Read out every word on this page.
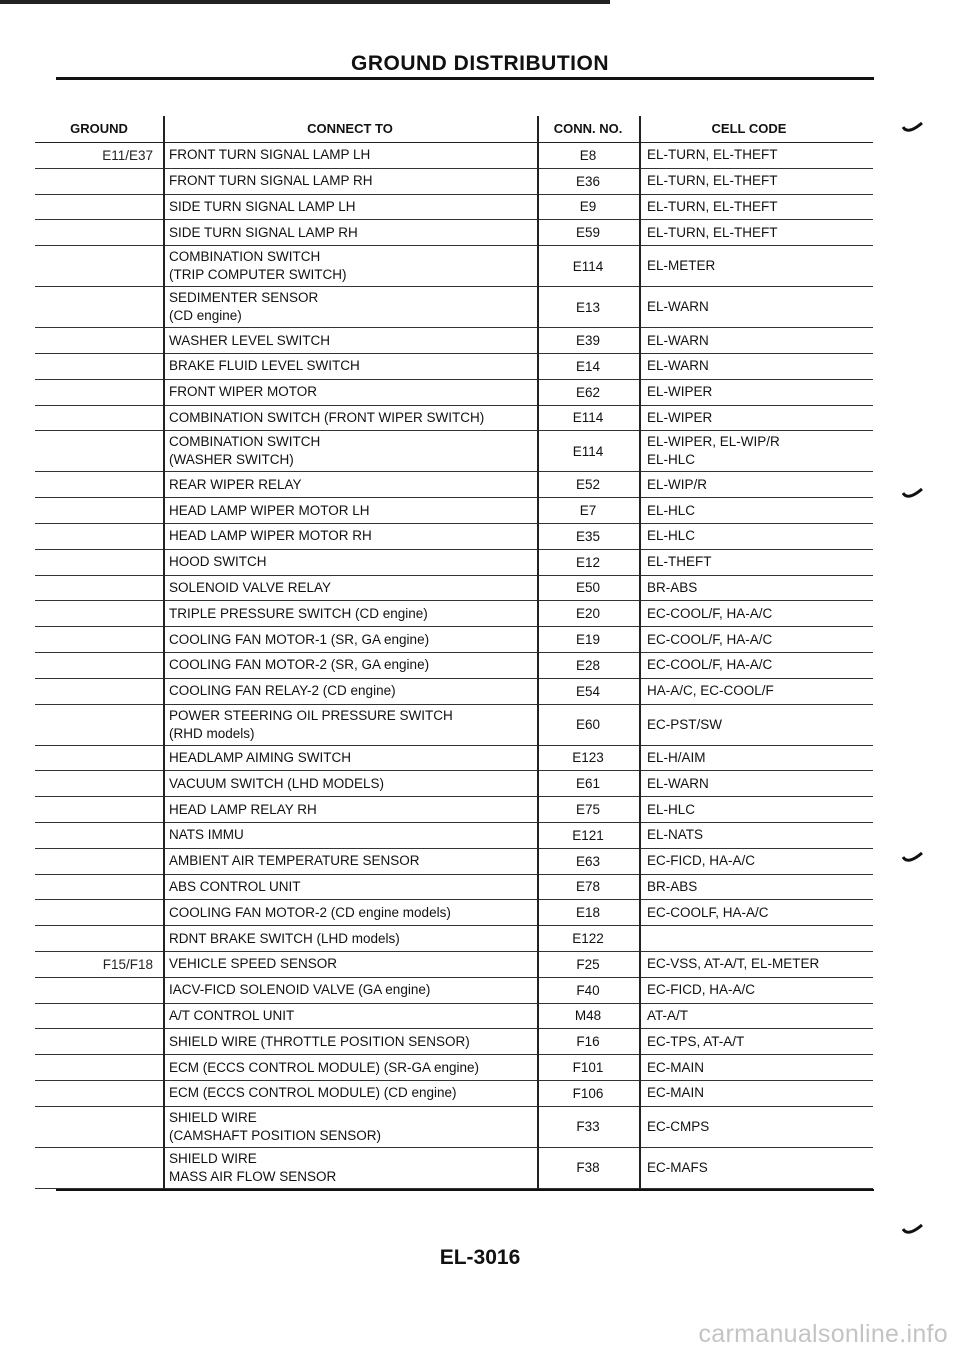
GROUND DISTRIBUTION
GROUND	CONNECT TO	CONN. NO.	CELL CODE
E11/E37 FRONT TURN SIGNAL LAMP LH	E8	EL-TURN, EL-THEFT
FRONT TURN SIGNAL LAMP RH	E36	EL-TURN, EL-THEFT
SIDE TURN SIGNAL LAMP LH	E9	EL-TURN, EL-THEFT
SIDE TURN SIGNAL LAMP RH	E59	EL-TURN, EL-THEFT
COMBINATION SWITCH
(TRIP COMPUTER SWITCH)
E114	EL-METER
SEDIMENTER SENSOR
(CD engine)
E13	EL-WARN
WASHER LEVEL SWITCH	E39	EL-WARN
BRAKE FLUID LEVEL SWITCH	E14	EL-WARN
FRONT WIPER MOTOR	E62	EL-WIPER
COMBINATION SWITCH (FRONT WIPER SWITCH)	E114	EL-WIPER
COMBINATION SWITCH
(WASHER SWITCH)
E114
EL-WIPER, EL-WIP/R
EL-HLC
REAR WIPER RELAY	E52	EL-WIP/R
HEAD LAMP WIPER MOTOR LH	E7	EL-HLC
HEAD LAMP WIPER MOTOR RH	E35	EL-HLC
HOOD SWITCH	E12	EL-THEFT
SOLENOID VALVE RELAY	E50	BR-ABS
TRIPLE PRESSURE SWITCH (CD engine)	E20	EC-COOL/F, HA-A/C
COOLING FAN MOTOR-1 (SR, GA engine)	E19	EC-COOL/F, HA-A/C
COOLING FAN MOTOR-2 (SR, GA engine)	E28	EC-COOL/F, HA-A/C
COOLING FAN RELAY-2 (CD engine)	E54	HA-A/C, EC-COOL/F
POWER STEERING OIL PRESSURE SWITCH
(RHD models)
E60	EC-PST/SW
HEADLAMP AIMING SWITCH	E123	EL-H/AIM
VACUUM SWITCH (LHD MODELS)	E61	EL-WARN
HEAD LAMP RELAY RH	E75	EL-HLC
NATS IMMU	E121	EL-NATS
AMBIENT AIR TEMPERATURE SENSOR	E63	EC-FICD, HA-A/C
ABS CONTROL UNIT	E78	BR-ABS
COOLING FAN MOTOR-2 (CD engine models)	E18	EC-COOLF, HA-A/C
RDNT BRAKE SWITCH (LHD models)	E122
F15/F18 VEHICLE SPEED SENSOR	F25	EC-VSS, AT-A/T, EL-METER
IACV-FICD SOLENOID VALVE (GA engine)	F40	EC-FICD, HA-A/C
A/T CONTROL UNIT	M48	AT-A/T
SHIELD WIRE (THROTTLE POSITION SENSOR)	F16	EC-TPS, AT-A/T
ECM (ECCS CONTROL MODULE) (SR-GA engine)	F101	EC-MAIN
ECM (ECCS CONTROL MODULE) (CD engine)	F106	EC-MAIN
SHIELD WIRE
(CAMSHAFT POSITION SENSOR)
F33	EC-CMPS
SHIELD WIRE
MASS AIR FLOW SENSOR
F38	EC-MAFS
EL-3016
carmanualsonline.info
